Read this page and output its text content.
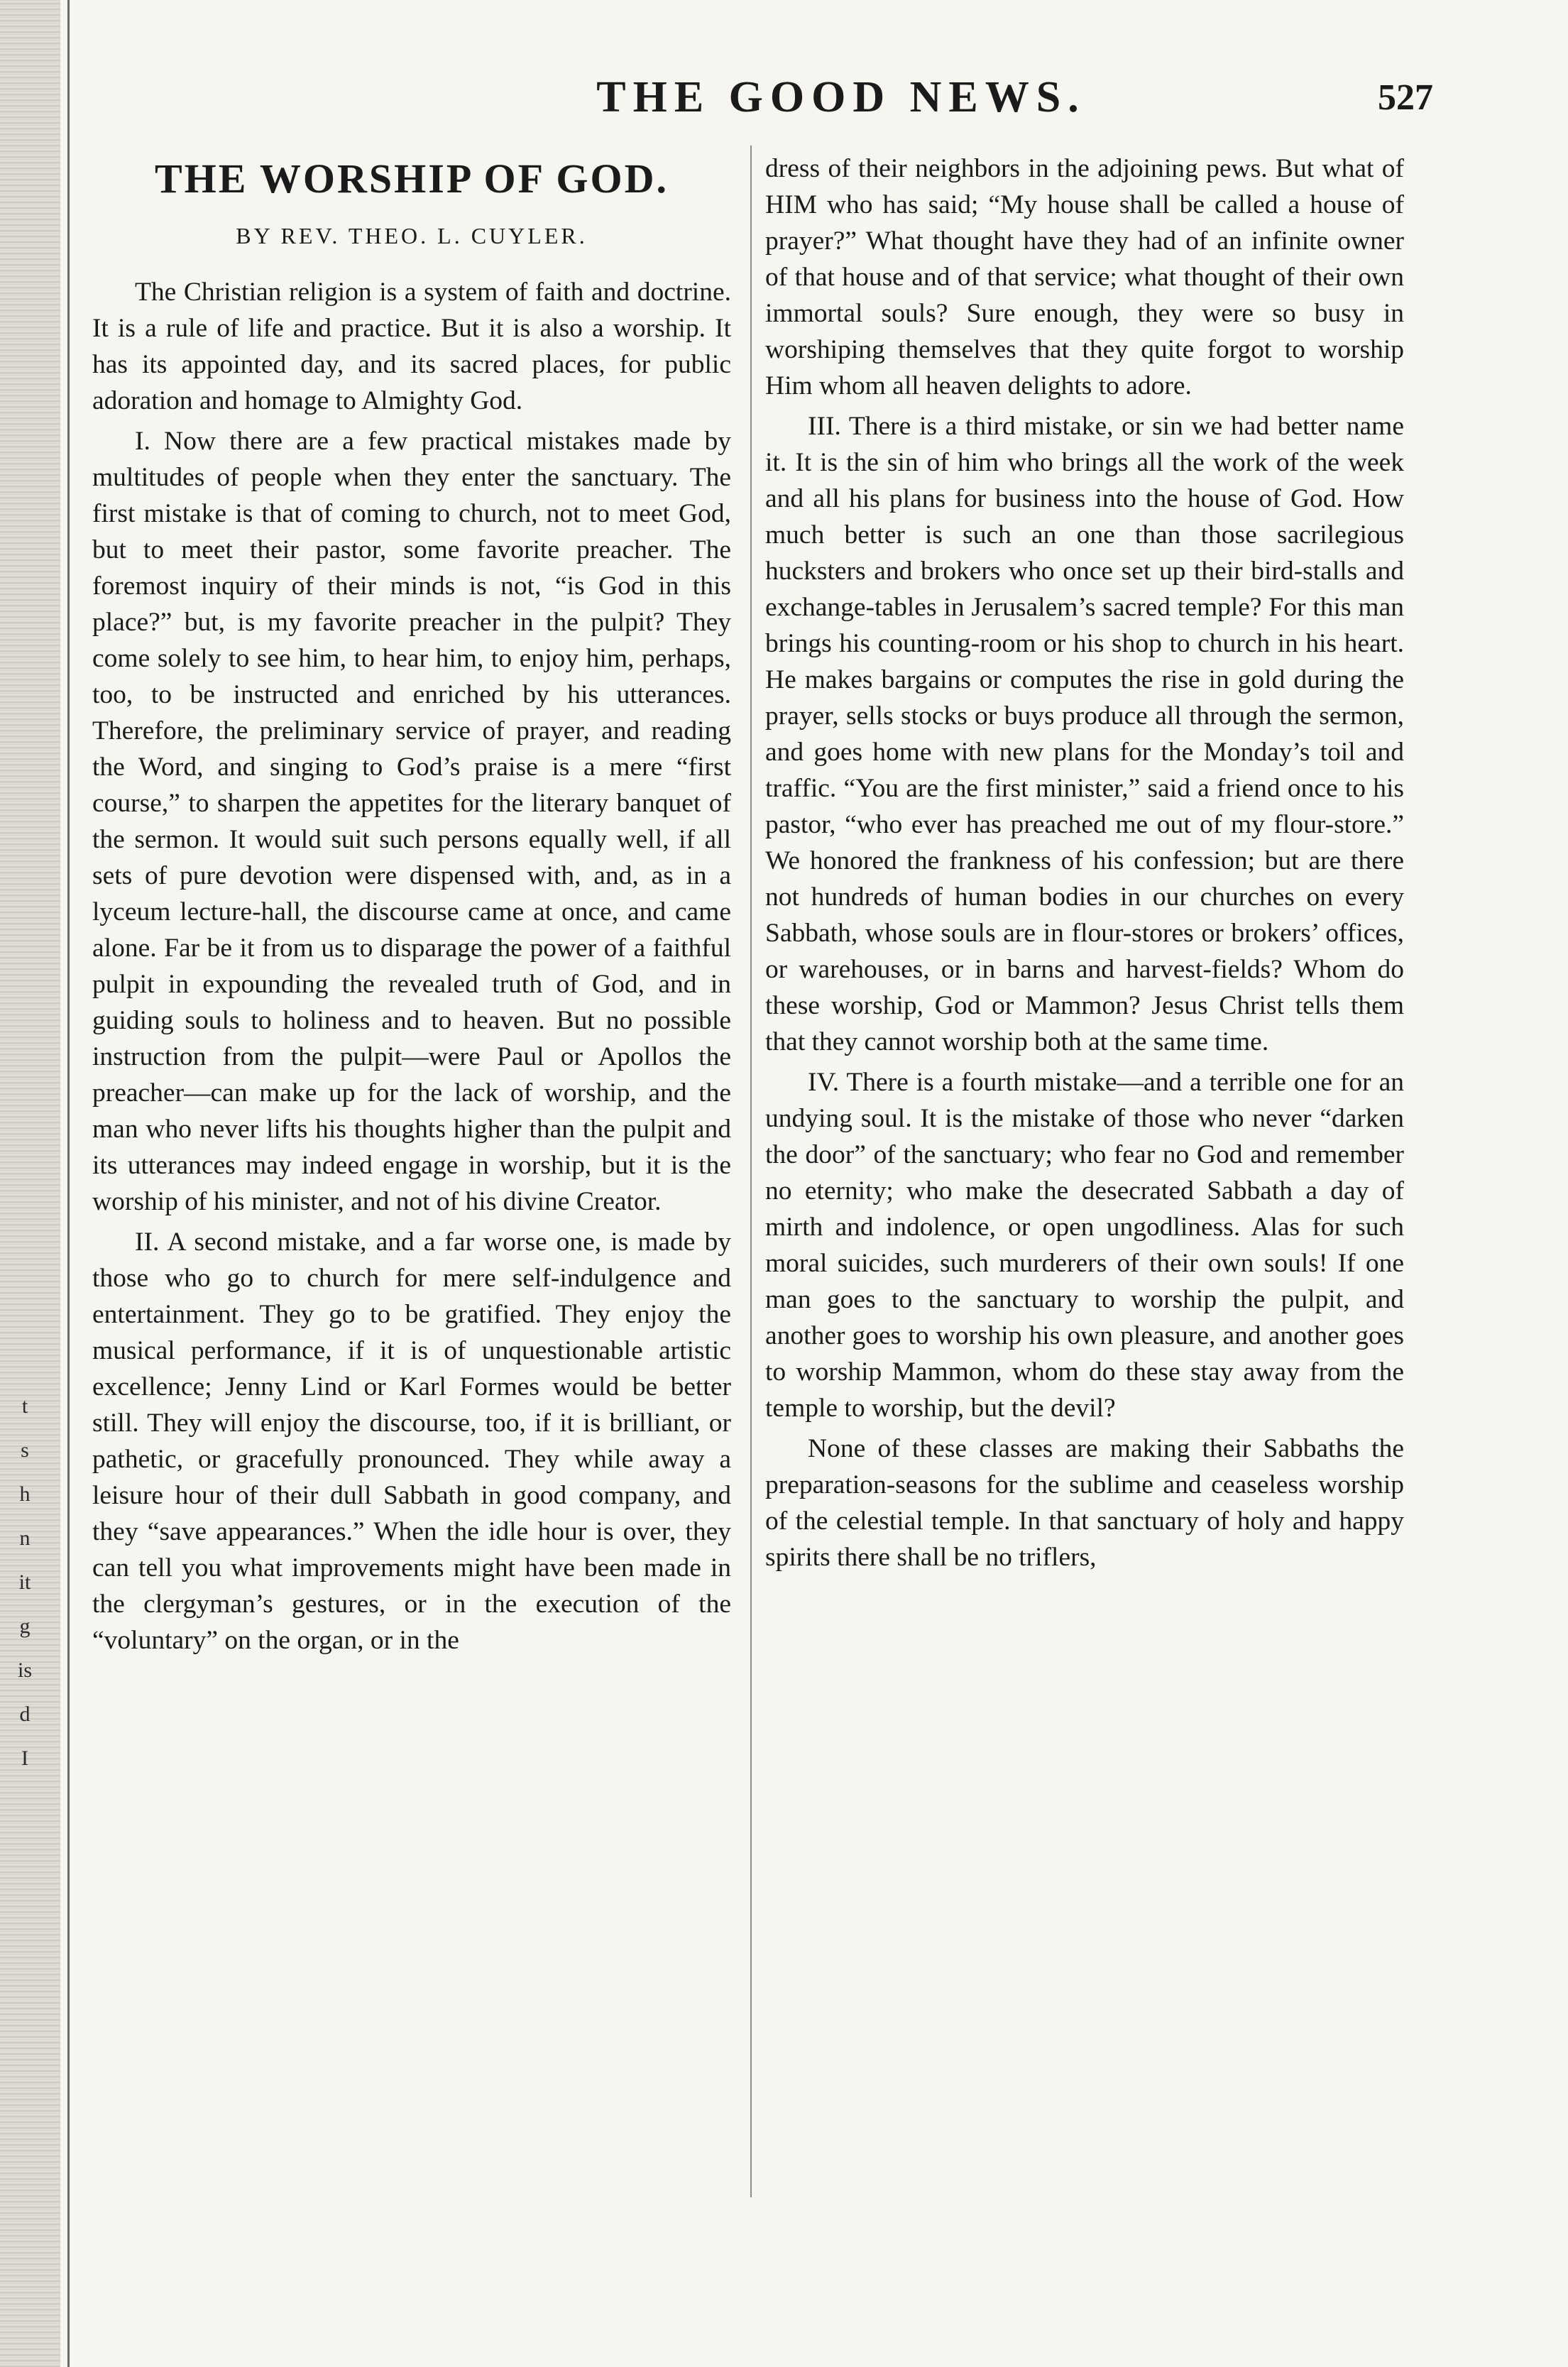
t
s
h
n
it
g
is
d
I
THE GOOD NEWS.	527
THE WORSHIP OF GOD.
BY REV. THEO. L. CUYLER.

The Christian religion is a system of faith and doctrine. It is a rule of life and practice. But it is also a worship. It has its appointed day, and its sacred places, for public adoration and homage to Almighty God.

I. Now there are a few practical mistakes made by multitudes of people when they enter the sanctuary. The first mistake is that of coming to church, not to meet God, but to meet their pastor, some favorite preacher. The foremost inquiry of their minds is not, “is God in this place?” but, is my favorite preacher in the pulpit? They come solely to see him, to hear him, to enjoy him, perhaps, too, to be instructed and enriched by his utterances. Therefore, the preliminary service of prayer, and reading the Word, and singing to God’s praise is a mere “first course,” to sharpen the appetites for the literary banquet of the sermon. It would suit such persons equally well, if all sets of pure devotion were dispensed with, and, as in a lyceum lecture-hall, the discourse came at once, and came alone. Far be it from us to disparage the power of a faithful pulpit in expounding the revealed truth of God, and in guiding souls to holiness and to heaven. But no possible instruction from the pulpit—were Paul or Apollos the preacher—can make up for the lack of worship, and the man who never lifts his thoughts higher than the pulpit and its utterances may indeed engage in worship, but it is the worship of his minister, and not of his divine Creator.

II. A second mistake, and a far worse one, is made by those who go to church for mere self-indulgence and entertainment. They go to be gratified. They enjoy the musical performance, if it is of unquestionable artistic excellence; Jenny Lind or Karl Formes would be better still. They will enjoy the discourse, too, if it is brilliant, or pathetic, or gracefully pronounced. They while away a leisure hour of their dull Sabbath in good company, and they “save appearances.” When the idle hour is over, they can tell you what improvements might have been made in the clergyman’s gestures, or in the execution of the “voluntary” on the organ, or in the

dress of their neighbors in the adjoining pews. But what of HIM who has said; “My house shall be called a house of prayer?” What thought have they had of an infinite owner of that house and of that service; what thought of their own immortal souls? Sure enough, they were so busy in worshiping themselves that they quite forgot to worship Him whom all heaven delights to adore.

III. There is a third mistake, or sin we had better name it. It is the sin of him who brings all the work of the week and all his plans for business into the house of God. How much better is such an one than those sacrilegious hucksters and brokers who once set up their bird-stalls and exchange-tables in Jerusalem’s sacred temple? For this man brings his counting-room or his shop to church in his heart. He makes bargains or computes the rise in gold during the prayer, sells stocks or buys produce all through the sermon, and goes home with new plans for the Monday’s toil and traffic. “You are the first minister,” said a friend once to his pastor, “who ever has preached me out of my flour-store.” We honored the frankness of his confession; but are there not hundreds of human bodies in our churches on every Sabbath, whose souls are in flour-stores or brokers’ offices, or warehouses, or in barns and harvest-fields? Whom do these worship, God or Mammon? Jesus Christ tells them that they cannot worship both at the same time.

IV. There is a fourth mistake—and a terrible one for an undying soul. It is the mistake of those who never “darken the door” of the sanctuary; who fear no God and remember no eternity; who make the desecrated Sabbath a day of mirth and indolence, or open ungodliness. Alas for such moral suicides, such murderers of their own souls! If one man goes to the sanctuary to worship the pulpit, and another goes to worship his own pleasure, and another goes to worship Mammon, whom do these stay away from the temple to worship, but the devil?

None of these classes are making their Sabbaths the preparation-seasons for the sublime and ceaseless worship of the celestial temple. In that sanctuary of holy and happy spirits there shall be no triflers,
